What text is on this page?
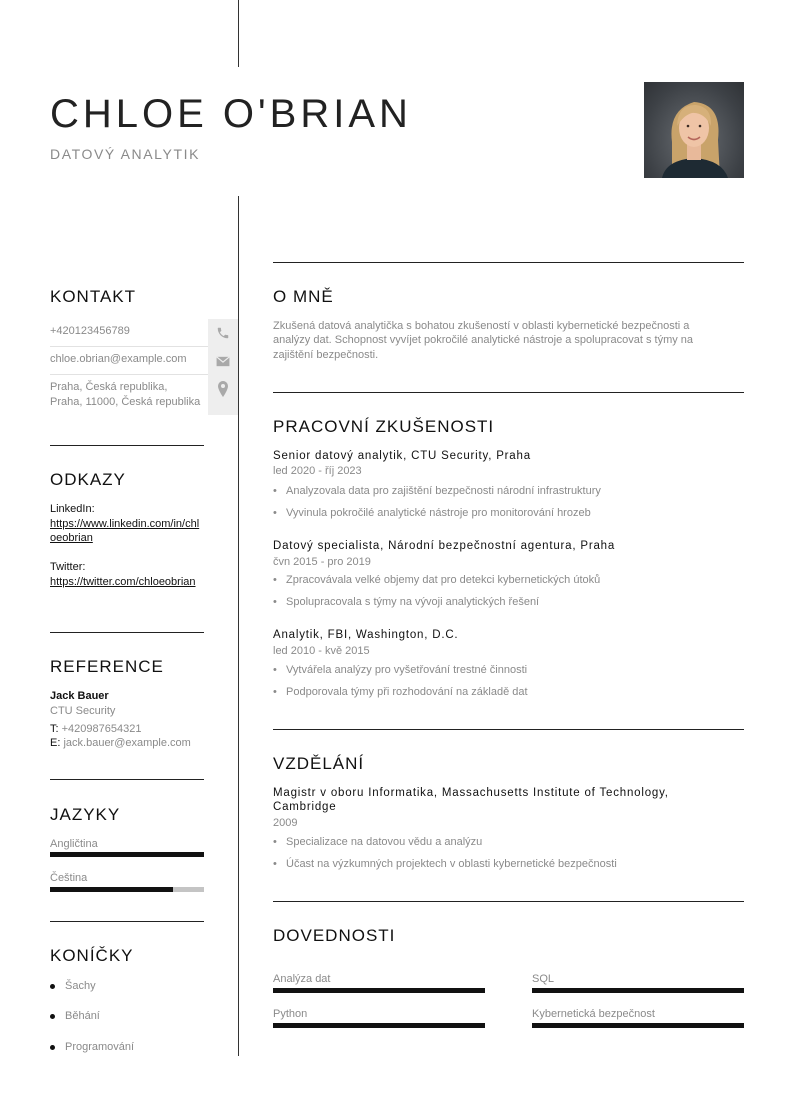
CHLOE O'BRIAN
DATOVÝ ANALYTIK
KONTAKT
+420123456789
chloe.obrian@example.com
Praha, Česká republika,
Praha, 11000, Česká republika
ODKAZY
LinkedIn:
https://www.linkedin.com/in/chloeobrian
Twitter:
https://twitter.com/chloeobrian
REFERENCE
Jack Bauer
CTU Security
T: +420987654321
E: jack.bauer@example.com
JAZYKY
Angličtina
Čeština
KONÍČKY
Šachy
Běhání
Programování
O MNĚ
Zkušená datová analytička s bohatou zkušeností v oblasti kybernetické bezpečnosti a
analýzy dat. Schopnost vyvíjet pokročilé analytické nástroje a spolupracovat s týmy na
zajištění bezpečnosti.
PRACOVNÍ ZKUŠENOSTI
Senior datový analytik, CTU Security, Praha
led 2020 - říj 2023
• Analyzovala data pro zajištění bezpečnosti národní infrastruktury
• Vyvinula pokročilé analytické nástroje pro monitorování hrozeb
Datový specialista, Národní bezpečnostní agentura, Praha
čvn 2015 - pro 2019
• Zpracovávala velké objemy dat pro detekci kybernetických útoků
• Spolupracovala s týmy na vývoji analytických řešení
Analytik, FBI, Washington, D.C.
led 2010 - kvě 2015
• Vytvářela analýzy pro vyšetřování trestné činnosti
• Podporovala týmy při rozhodování na základě dat
VZDĚLÁNÍ
Magistr v oboru Informatika, Massachusetts Institute of Technology,
Cambridge
2009
• Specializace na datovou vědu a analýzu
• Účast na výzkumných projektech v oblasti kybernetické bezpečnosti
DOVEDNOSTI
Analýza dat	SQL
Python	Kybernetická bezpečnost
